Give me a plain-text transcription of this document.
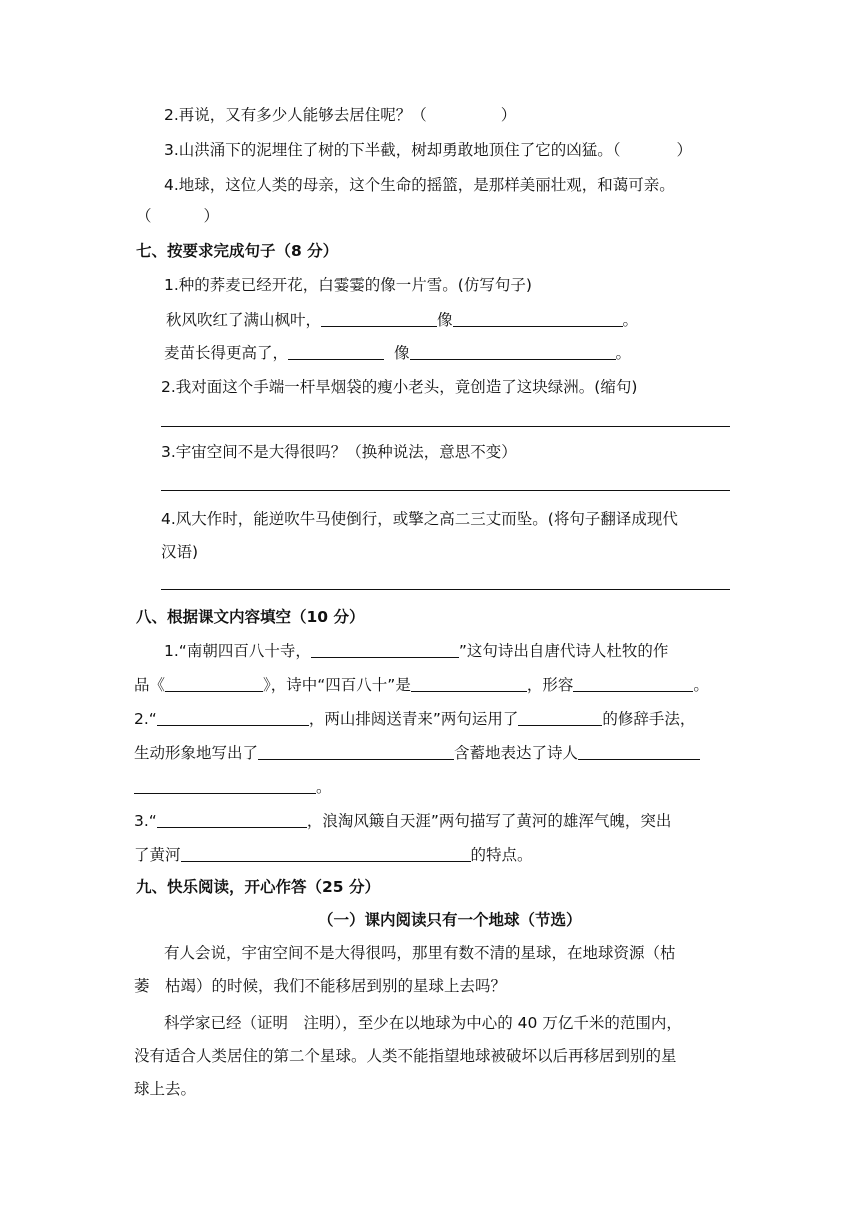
2.再说，又有多少人能够去居住呢？（	）
3.山洪涌下的泥埋住了树的下半截，树却勇敢地顶住了它的凶猛。（	）
4.地球，这位人类的母亲，这个生命的摇篮，是那样美丽壮观，和蔼可亲。
（	）
七、按要求完成句子（8 分）
1.种的荞麦已经开花，白霎霎的像一片雪。(仿写句子)
秋风吹红了满山枫叶，	像	。
麦苗长得更高了，	像	。
2.我对面这个手端一杆旱烟袋的瘦小老头，竟创造了这块绿洲。(缩句)
3.宇宙空间不是大得很吗？（换种说法，意思不变）
4.风大作时，能逆吹牛马使倒行，或擎之高二三丈而坠。(将句子翻译成现代
汉语)
八、根据课文内容填空（10 分）
1.“南朝四百八十寺，	”这句诗出自唐代诗人杜牧的作
品《	》，诗中“四百八十”是	，形容	。
2.“	，两山排闼送青来”两句运用了	的修辞手法，
生动形象地写出了	含蓄地表达了诗人
。
3.“	，浪淘风簸自天涯”两句描写了黄河的雄浑气魄，突出
了黄河	的特点。
九、快乐阅读，开心作答（25 分）
（一）课内阅读只有一个地球（节选）
有人会说，宇宙空间不是大得很吗，那里有数不清的星球，在地球资源（枯
萎　枯竭）的时候，我们不能移居到别的星球上去吗？
科学家已经（证明　注明），至少在以地球为中心的 40 万亿千米的范围内，
没有适合人类居住的第二个星球。人类不能指望地球被破坏以后再移居到别的星
球上去。
